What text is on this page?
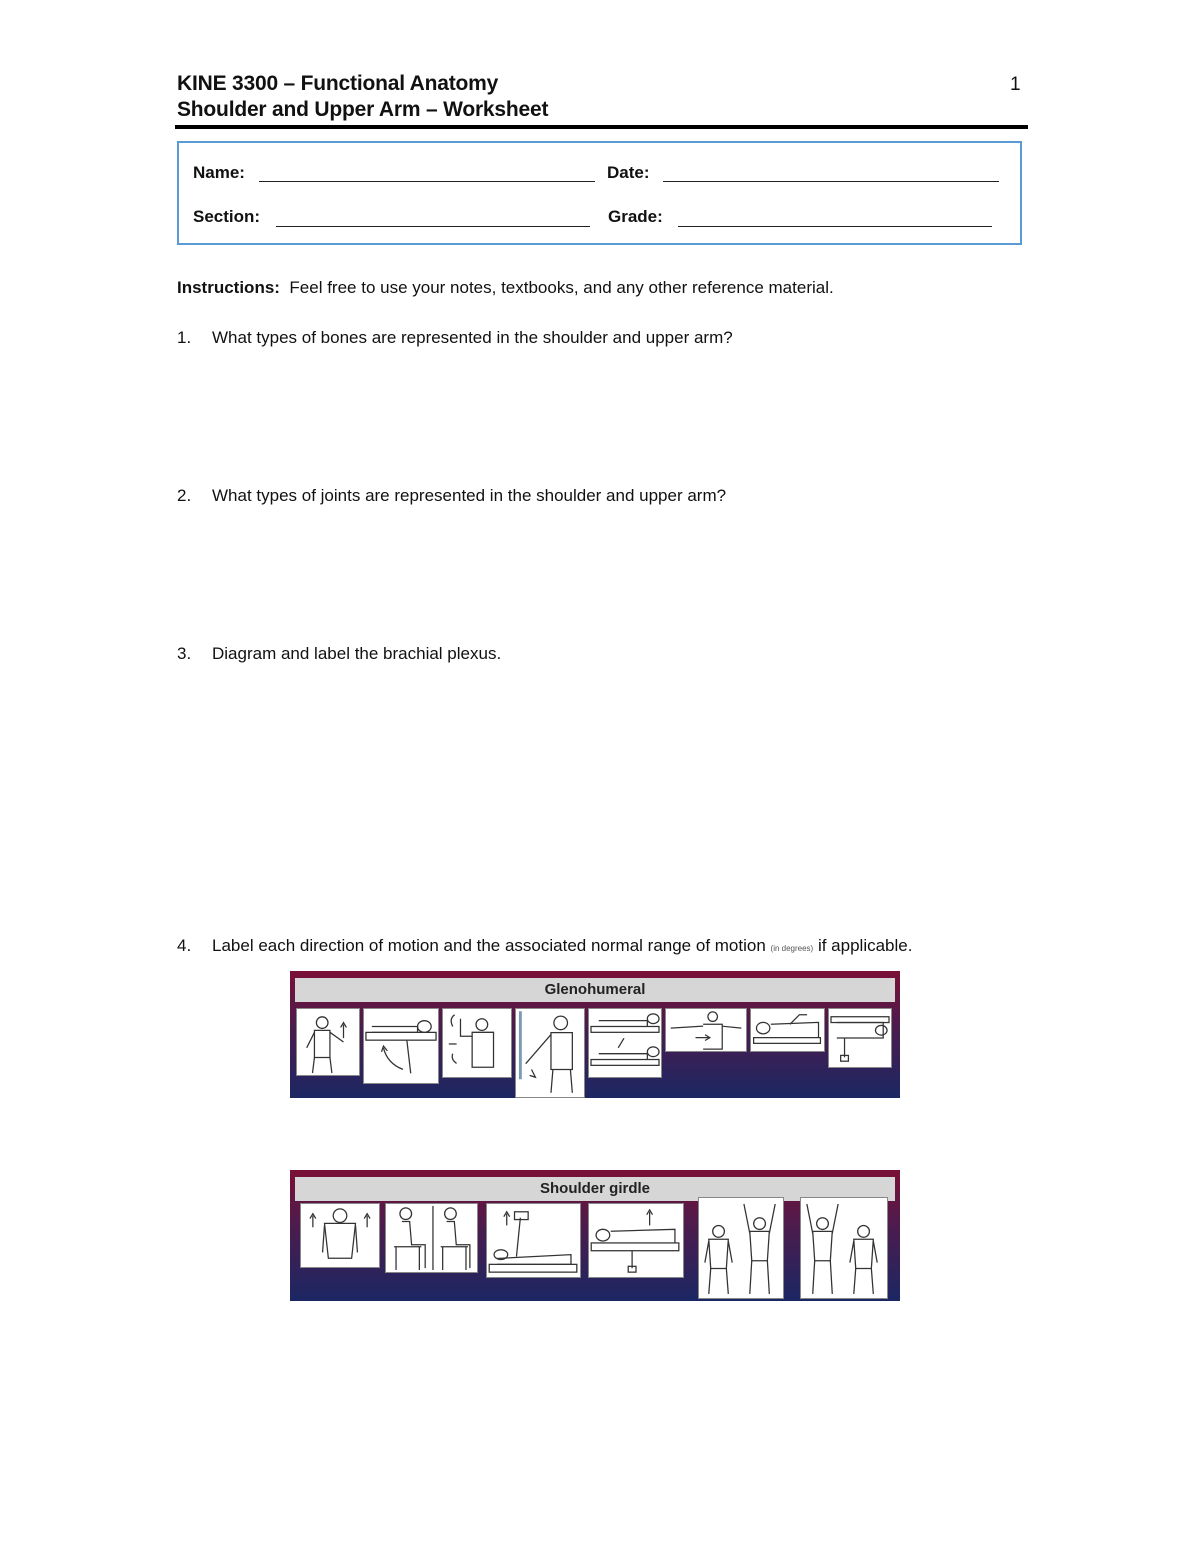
KINE 3300 – Functional Anatomy
Shoulder and Upper Arm – Worksheet
1
Name:	Date:
Section:	Grade:
Instructions: Feel free to use your notes, textbooks, and any other reference material.
1. What types of bones are represented in the shoulder and upper arm?
2. What types of joints are represented in the shoulder and upper arm?
3. Diagram and label the brachial plexus.
4. Label each direction of motion and the associated normal range of motion (in degrees) if applicable.
Glenohumeral
Shoulder girdle
